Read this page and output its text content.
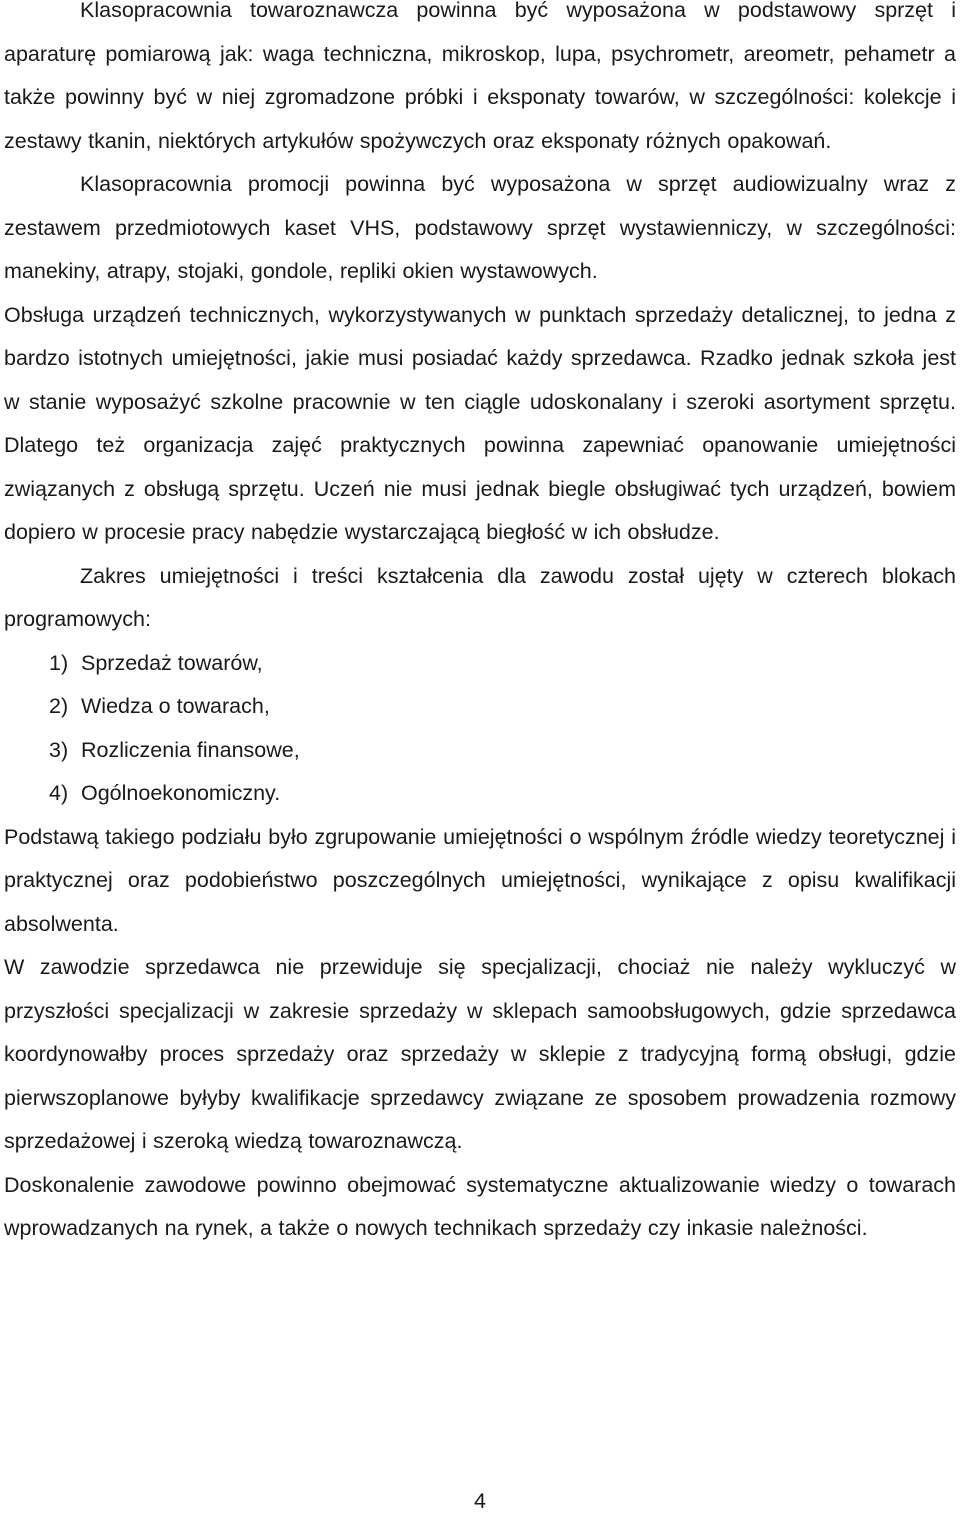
Klasopracownia towaroznawcza powinna być wyposażona w podstawowy sprzęt i aparaturę pomiarową jak: waga techniczna, mikroskop, lupa, psychrometr, areometr, pehametr a także powinny być w niej zgromadzone próbki i eksponaty towarów, w szczególności: kolekcje i zestawy tkanin, niektórych artykułów spożywczych oraz eksponaty różnych opakowań.

Klasopracownia promocji powinna być wyposażona w sprzęt audiowizualny wraz z zestawem przedmiotowych kaset VHS, podstawowy sprzęt wystawienniczy, w szczególności: manekiny, atrapy, stojaki, gondole, repliki okien wystawowych.

Obsługa urządzeń technicznych, wykorzystywanych w punktach sprzedaży detalicznej, to jedna z bardzo istotnych umiejętności, jakie musi posiadać każdy sprzedawca. Rzadko jednak szkoła jest w stanie wyposażyć szkolne pracownie w ten ciągle udoskonalany i szeroki asortyment sprzętu. Dlatego też organizacja zajęć praktycznych powinna zapewniać opanowanie umiejętności związanych z obsługą sprzętu. Uczeń nie musi jednak biegle obsługiwać tych urządzeń, bowiem dopiero w procesie pracy nabędzie wystarczającą biegłość w ich obsłudze.

Zakres umiejętności i treści kształcenia dla zawodu został ujęty w czterech blokach programowych:

1) Sprzedaż towarów,
2) Wiedza o towarach,
3) Rozliczenia finansowe,
4) Ogólnoekonomiczny.

Podstawą takiego podziału było zgrupowanie umiejętności o wspólnym źródle wiedzy teoretycznej i praktycznej oraz podobieństwo poszczególnych umiejętności, wynikające z opisu kwalifikacji absolwenta.

W zawodzie sprzedawca nie przewiduje się specjalizacji, chociaż nie należy wykluczyć w przyszłości specjalizacji w zakresie sprzedaży w sklepach samoobsługowych, gdzie sprzedawca koordynowałby proces sprzedaży oraz sprzedaży w sklepie z tradycyjną formą obsługi, gdzie pierwszoplanowe byłyby kwalifikacje sprzedawcy związane ze sposobem prowadzenia rozmowy sprzedażowej i szeroką wiedzą towaroznawczą.

Doskonalenie zawodowe powinno obejmować systematyczne aktualizowanie wiedzy o towarach wprowadzanych na rynek, a także o nowych technikach sprzedaży czy inkasie należności.

4
